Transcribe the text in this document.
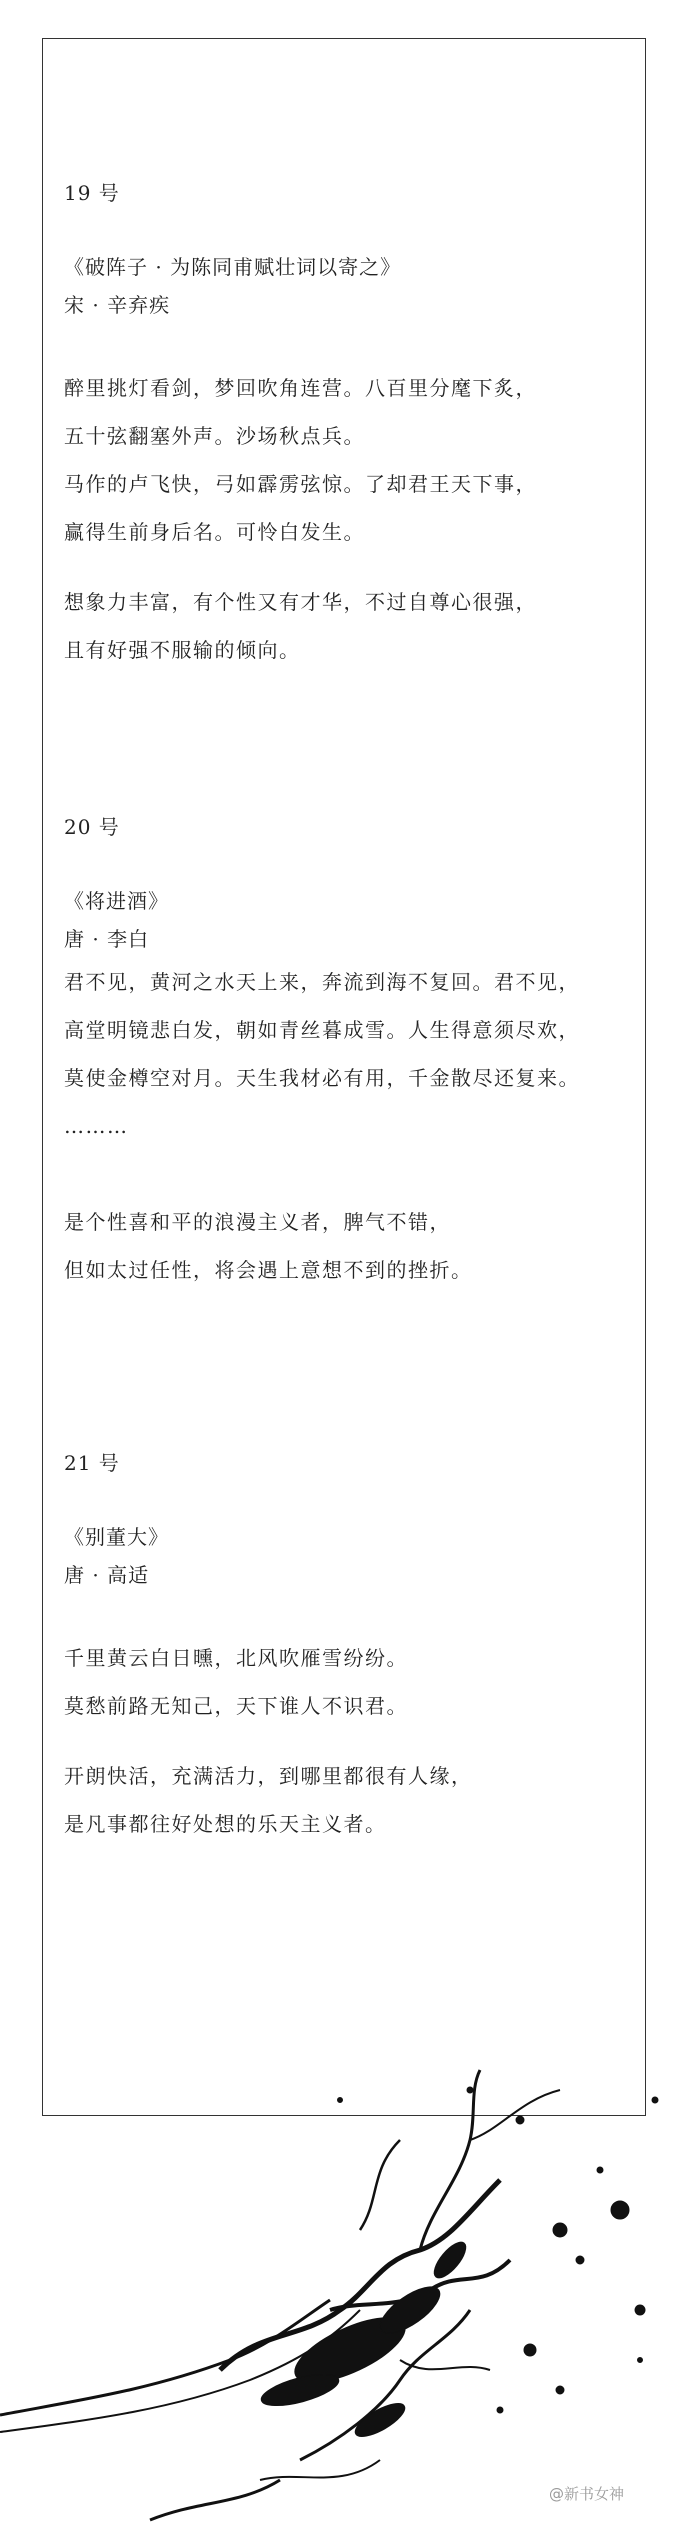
19 号

《破阵子 · 为陈同甫赋壮词以寄之》

宋 · 辛弃疾

醉里挑灯看剑，梦回吹角连营。八百里分麾下炙，

五十弦翻塞外声。沙场秋点兵。

马作的卢飞快，弓如霹雳弦惊。了却君王天下事，

赢得生前身后名。可怜白发生。

想象力丰富，有个性又有才华，不过自尊心很强，

且有好强不服输的倾向。

20 号

《将进酒》

唐 · 李白

君不见，黄河之水天上来，奔流到海不复回。君不见，

高堂明镜悲白发，朝如青丝暮成雪。人生得意须尽欢，

莫使金樽空对月。天生我材必有用，千金散尽还复来。

………

是个性喜和平的浪漫主义者，脾气不错，

但如太过任性，将会遇上意想不到的挫折。

21 号

《别董大》

唐 · 高适

千里黄云白日曛，北风吹雁雪纷纷。

莫愁前路无知己，天下谁人不识君。

开朗快活，充满活力，到哪里都很有人缘，

是凡事都往好处想的乐天主义者。

@新书女神
